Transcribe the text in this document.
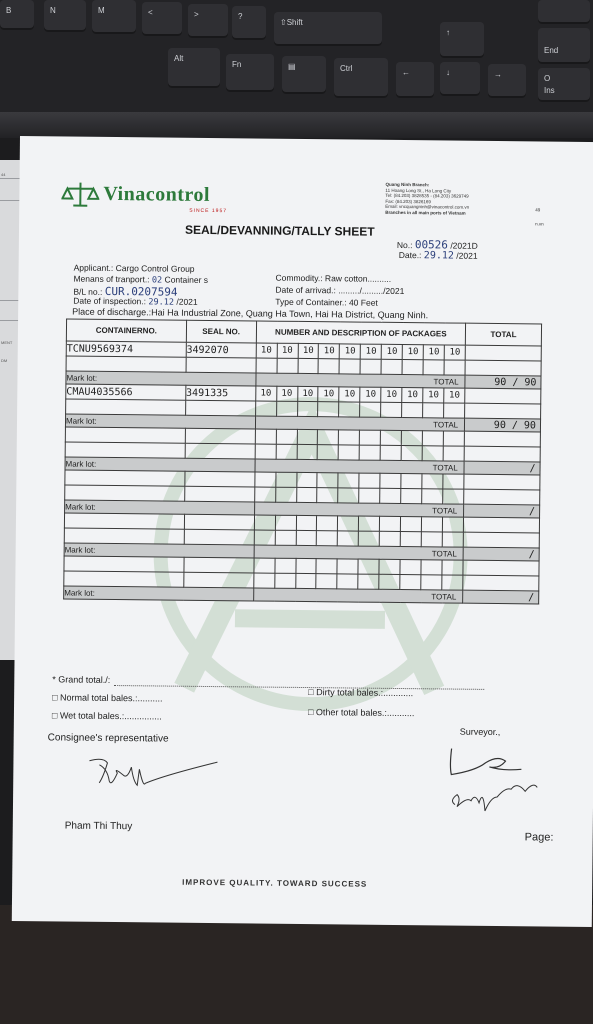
B	N	M	<	>	?
⇧Shift
↑
Alt
Fn	▤	Ctrl	←	↓	→
End
O
Ins
44
MENT
DM
Vinacontrol
SINCE 1957
Quang Ninh Branch:
11 Hoang Long St., Ha Long City
Tel: (84.203) 3828535 - (84.203) 3629749
Fax: (84.203) 3826169
Email: vncquangninh@vinacontrol.com.vn
Branches in all main ports of Vietnam	49
n.vn
SEAL/DEVANNING/TALLY SHEET
No.: 00526 /2021D
Date.: 29.12 /2021
Applicant.: Cargo Control Group
Menans of tranport.: 02 Container s
B/L no.: CUR.0207594
Date of inspection.: 29.12 /2021
Commodity.: Raw cotton..........
Date of arrivad.: ........./........./2021
Type of Container.: 40 Feet
Place of discharge.:Hai Ha Industrial Zone, Quang Ha Town, Hai Ha District, Quang Ninh.
CONTAINERNO.	SEAL NO.	NUMBER AND DESCRIPTION OF PACKAGES										TOTAL
TCNU9569374	3492070	10	10	10	10	10	10	10	10	10	10	

Mark lot:		TOTAL										90 / 90
CMAU4035566	3491335	10	10	10	10	10	10	10	10	10	10	

Mark lot:		TOTAL										90 / 90

Mark lot:		TOTAL										/

Mark lot:		TOTAL										/

Mark lot:		TOTAL										/

Mark lot:		TOTAL										/
* Grand total./:
□ Normal total bales.:..........
□ Wet total bales.:...............
□ Dirty total bales.:............
□ Other total bales.:...........
Consignee's representative
Surveyor.,
Pham Thi Thuy
Page:
IMPROVE QUALITY. TOWARD SUCCESS
